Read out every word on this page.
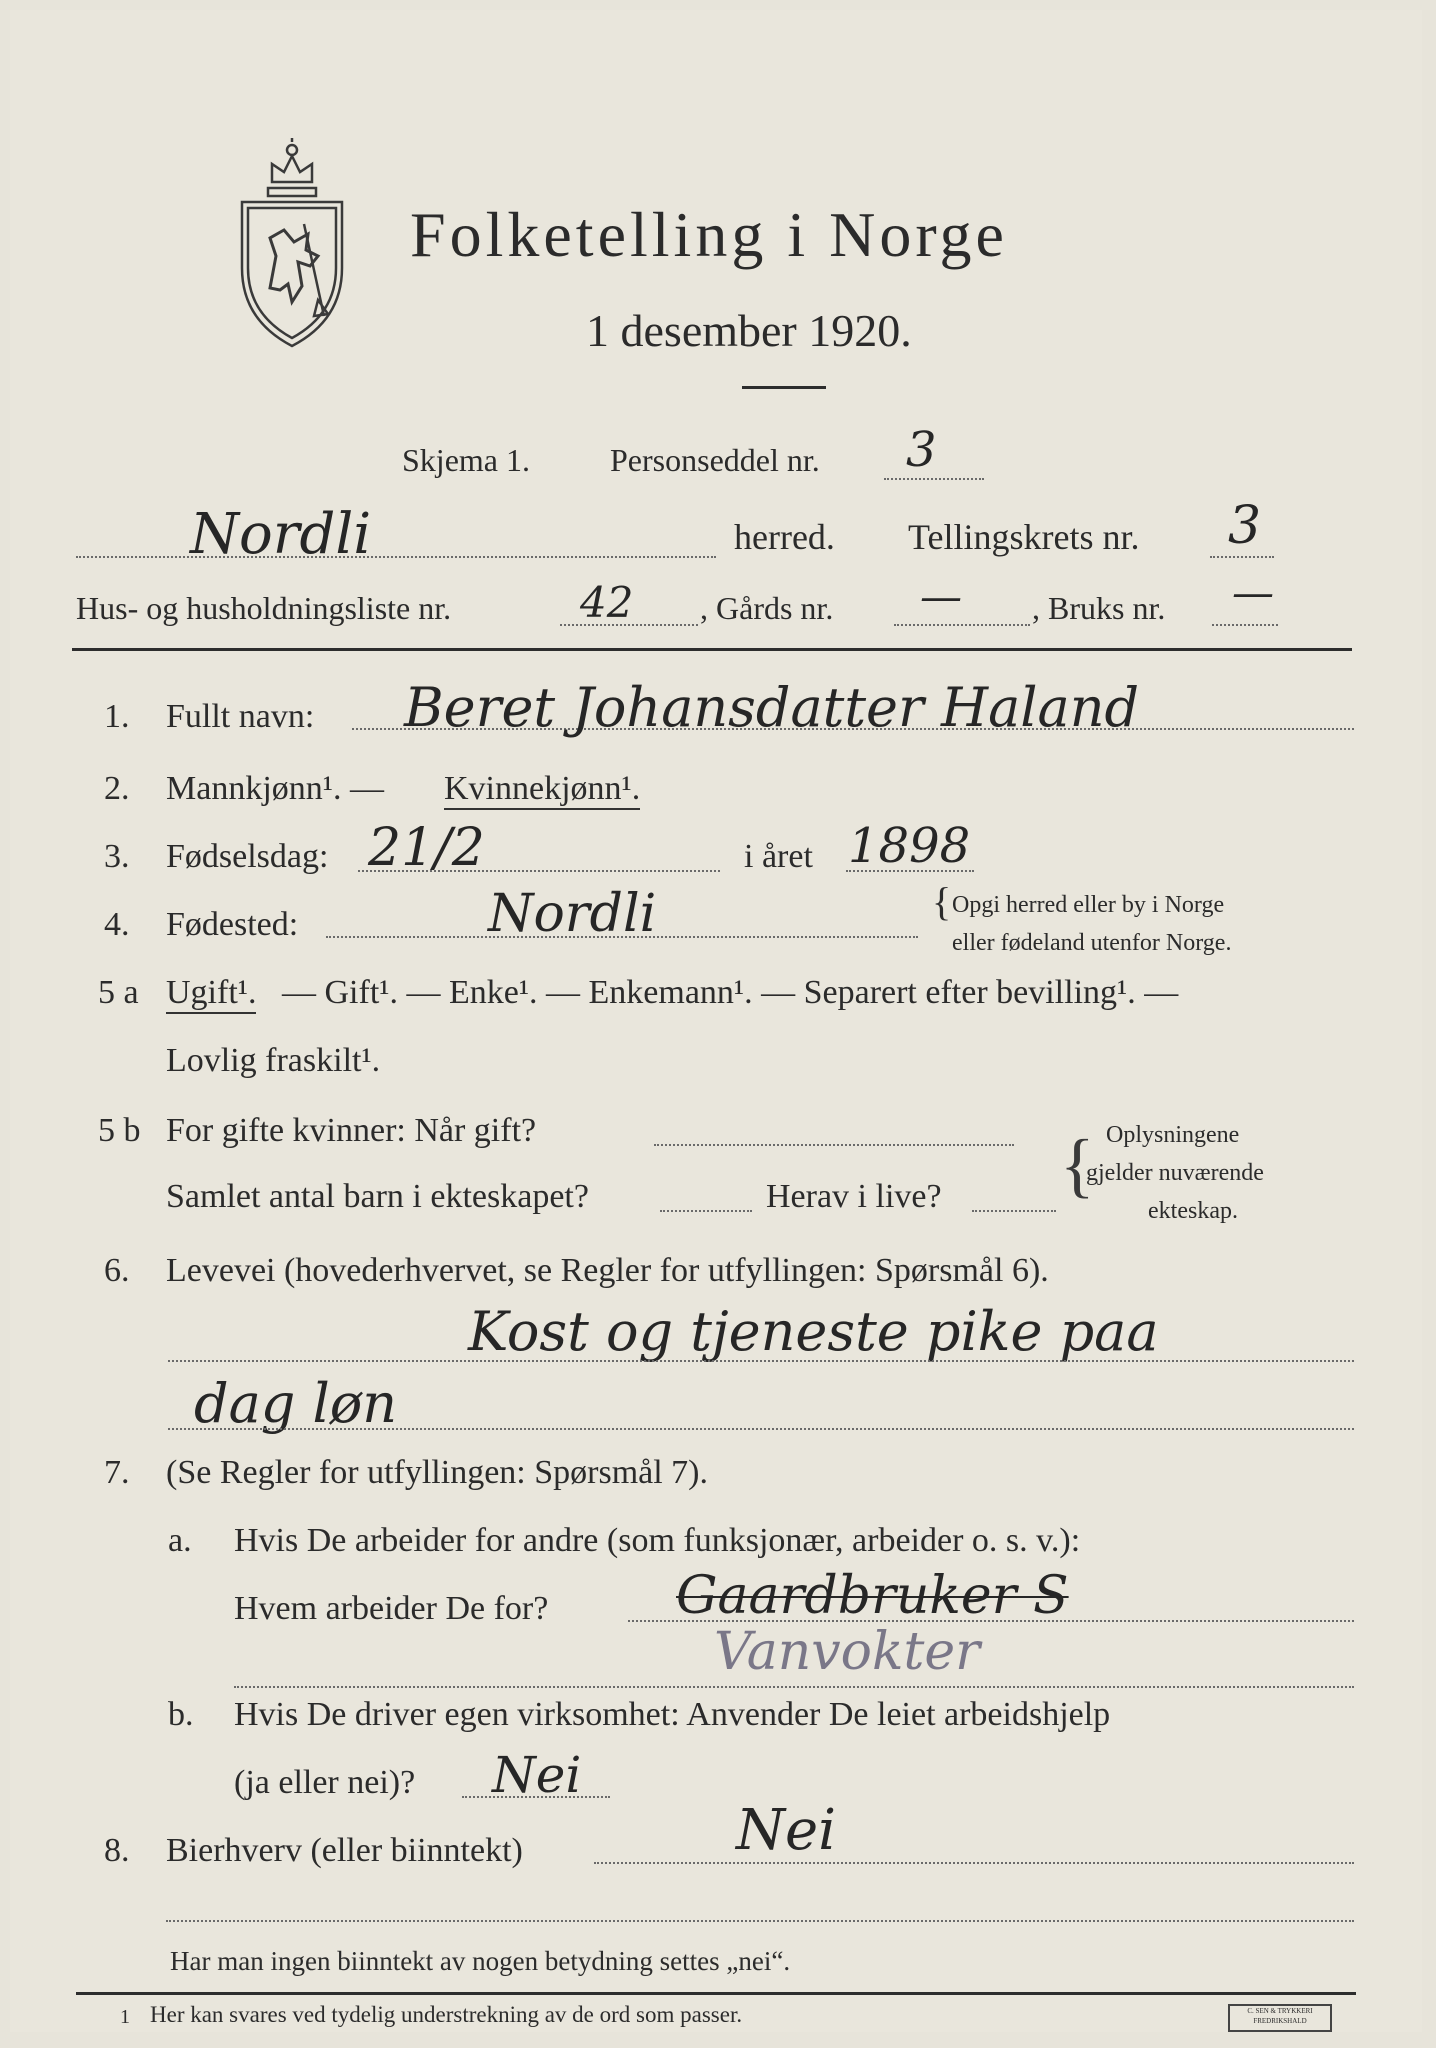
Folketelling i Norge
1 desember 1920.
Skjema 1.	Personseddel nr. 3
Nordli	herred. Tellingskrets nr. 3
Hus- og husholdningsliste nr.	42 , Gårds nr. — , Bruks nr. —
1. Fullt navn: Beret Johansdatter Haland
2. Mannkjønn¹. — Kvinnekjønn¹.
3. Fødselsdag: 21/2	i året 1898
4. Fødested:	Nordli	{ Opgi herred eller by i Norge
eller fødeland utenfor Norge.
5 a Ugift¹. — Gift¹. — Enke¹. — Enkemann¹. — Separert efter bevilling¹. —
Lovlig fraskilt¹.
5 b For gifte kvinner: Når gift?
Samlet antal barn i ekteskapet?	Herav i live? { Oplysningene
gjelder nuværende
ekteskap.
6. Levevei (hovederhvervet, se Regler for utfyllingen: Spørsmål 6).
Kost og tjeneste pike paa
dag løn
7. (Se Regler for utfyllingen: Spørsmål 7).
a. Hvis De arbeider for andre (som funksjonær, arbeider o. s. v.):
Hvem arbeider De for? Gaardbruker S
Vanvokter
b. Hvis De driver egen virksomhet: Anvender De leiet arbeidshjelp
(ja eller nei)? Nei
8. Bierhverv (eller biinntekt)	Nei
Har man ingen biinntekt av nogen betydning settes „nei“.
1 Her kan svares ved tydelig understrekning av de ord som passer.	C. SEN & TRYKKERI FREDRIKSHALD
